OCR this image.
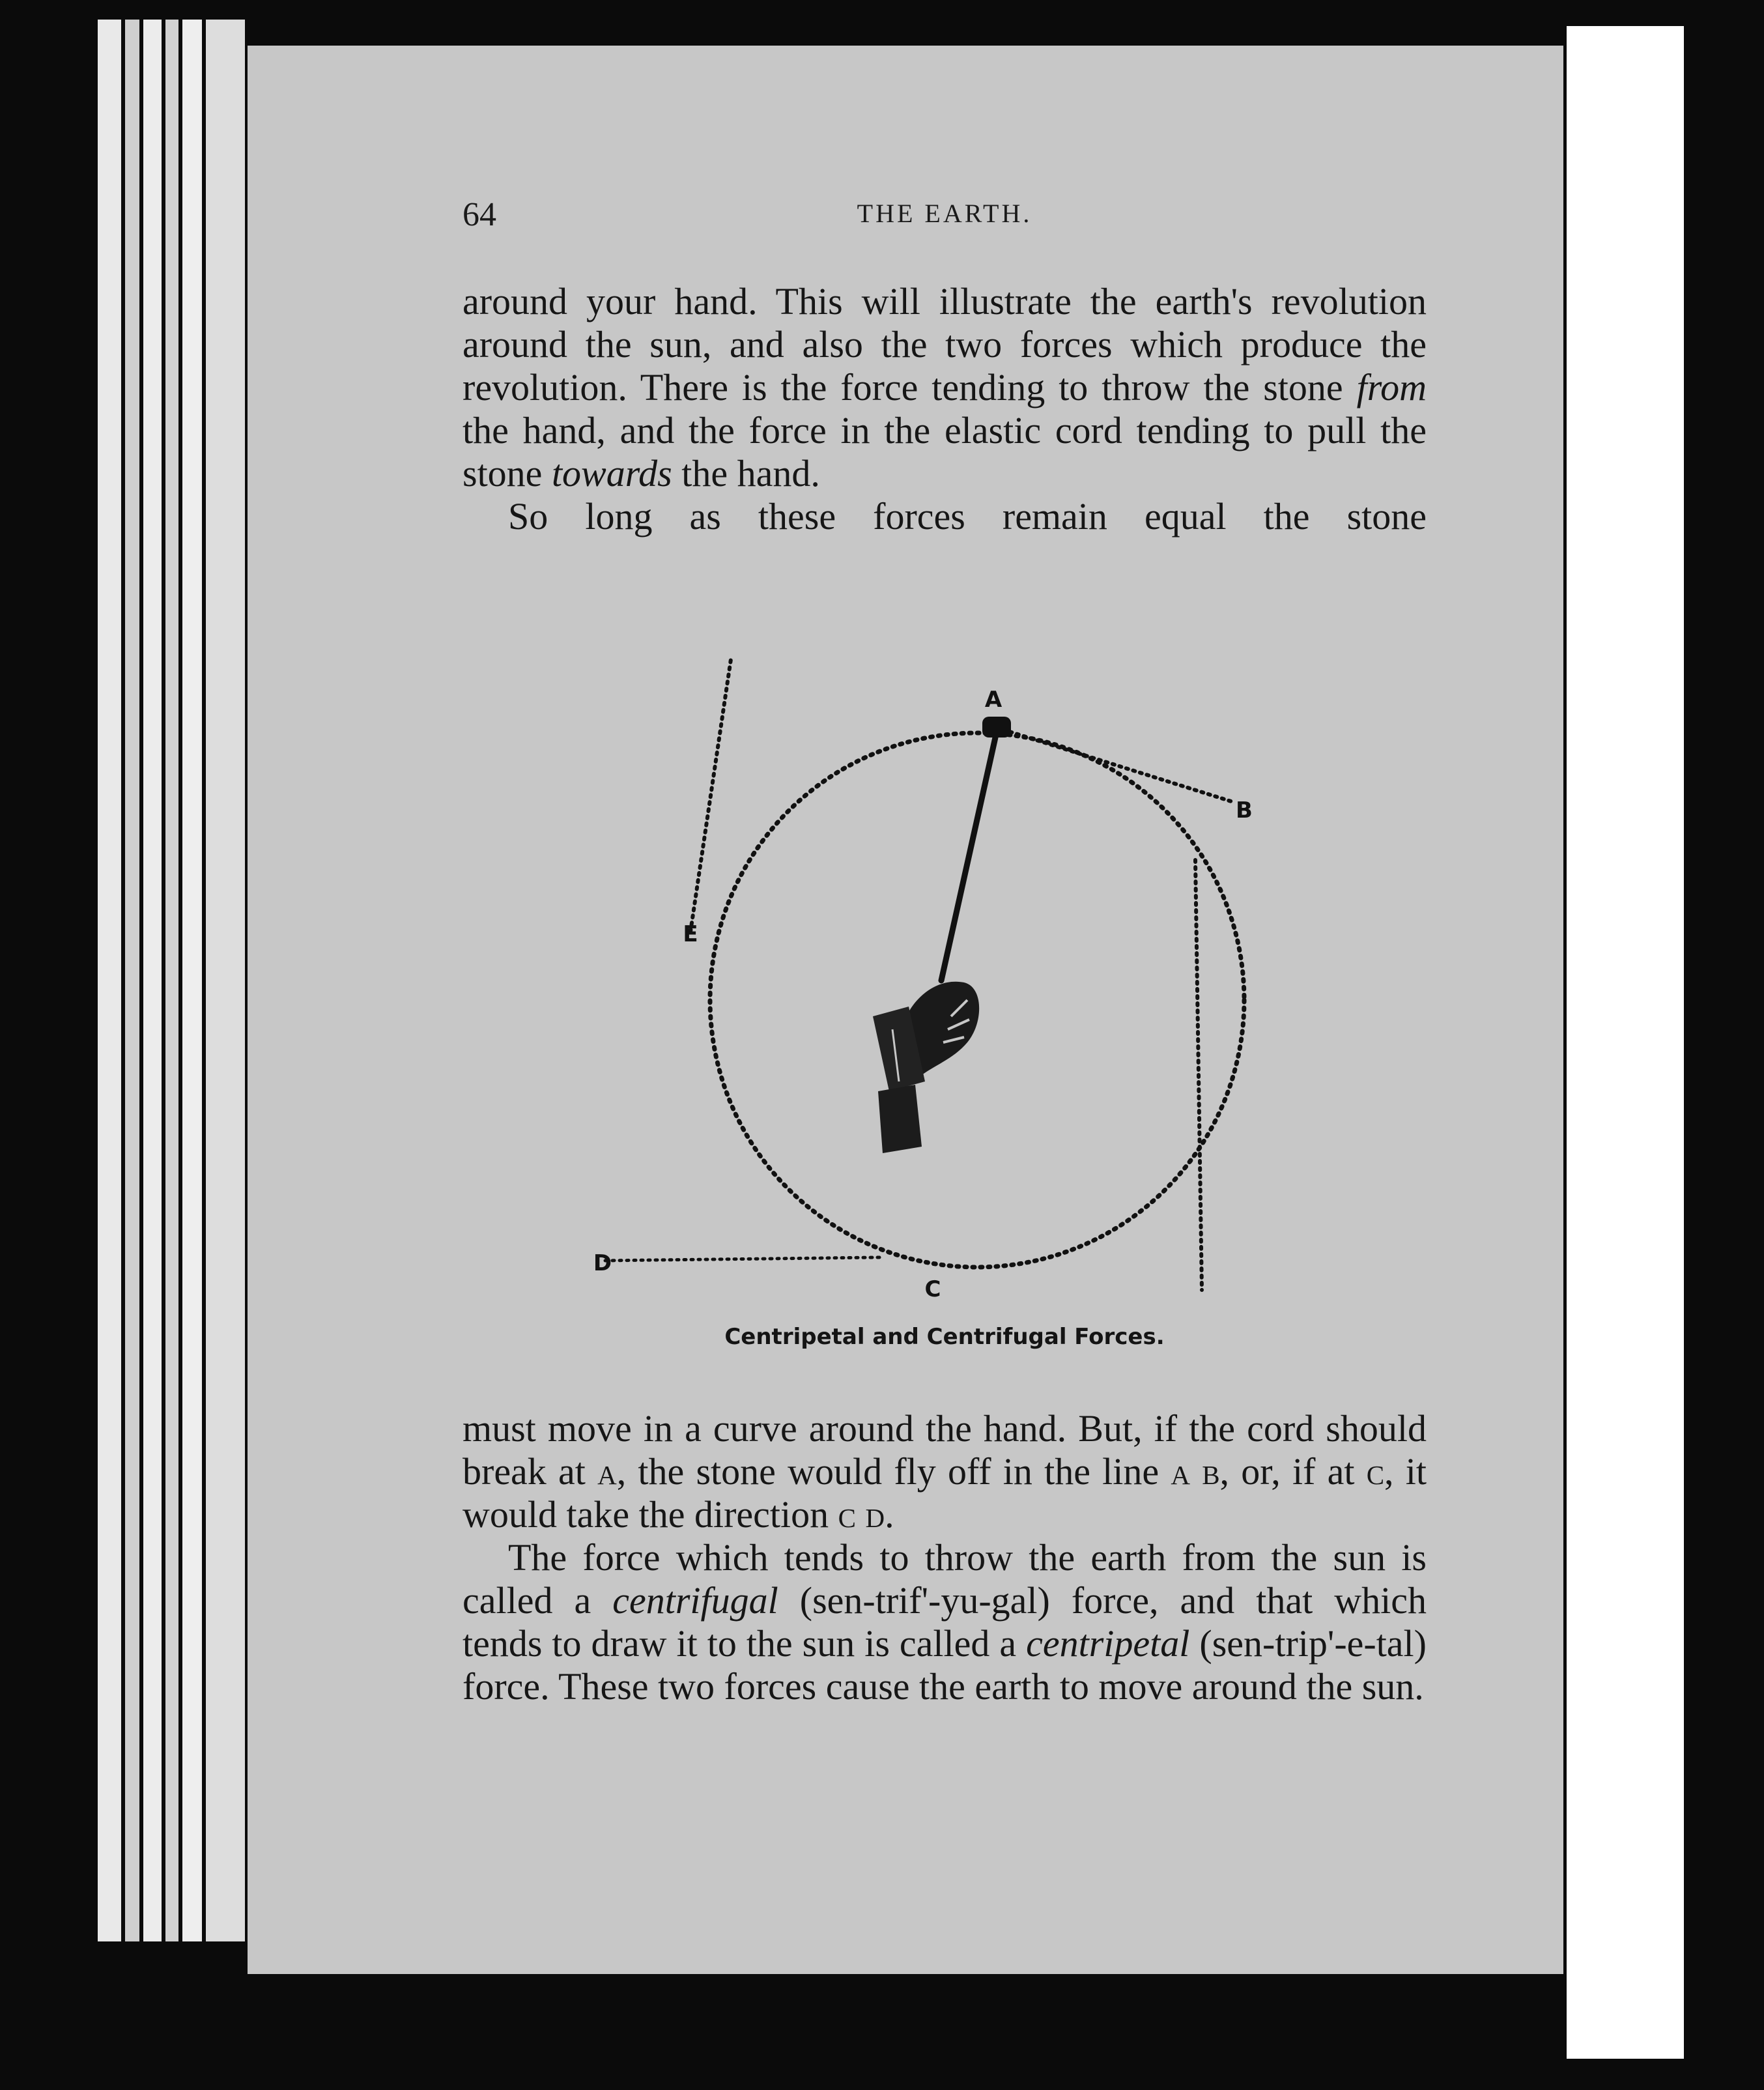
64	THE EARTH.

around your hand. This will illustrate the earth's revolution around the sun, and also the two forces which produce the revolution. There is the force tending to throw the stone from the hand, and the force in the elastic cord tending to pull the stone towards the hand.

So long as these forces remain equal the stone

A
B
C
D
E
Centripetal and Centrifugal Forces.

must move in a curve around the hand. But, if the cord should break at a, the stone would fly off in the line a b, or, if at c, it would take the direction c d.

The force which tends to throw the earth from the sun is called a centrifugal (sen-trif'-yu-gal) force, and that which tends to draw it to the sun is called a centripetal (sen-trip'-e-tal) force. These two forces cause the earth to move around the sun.
